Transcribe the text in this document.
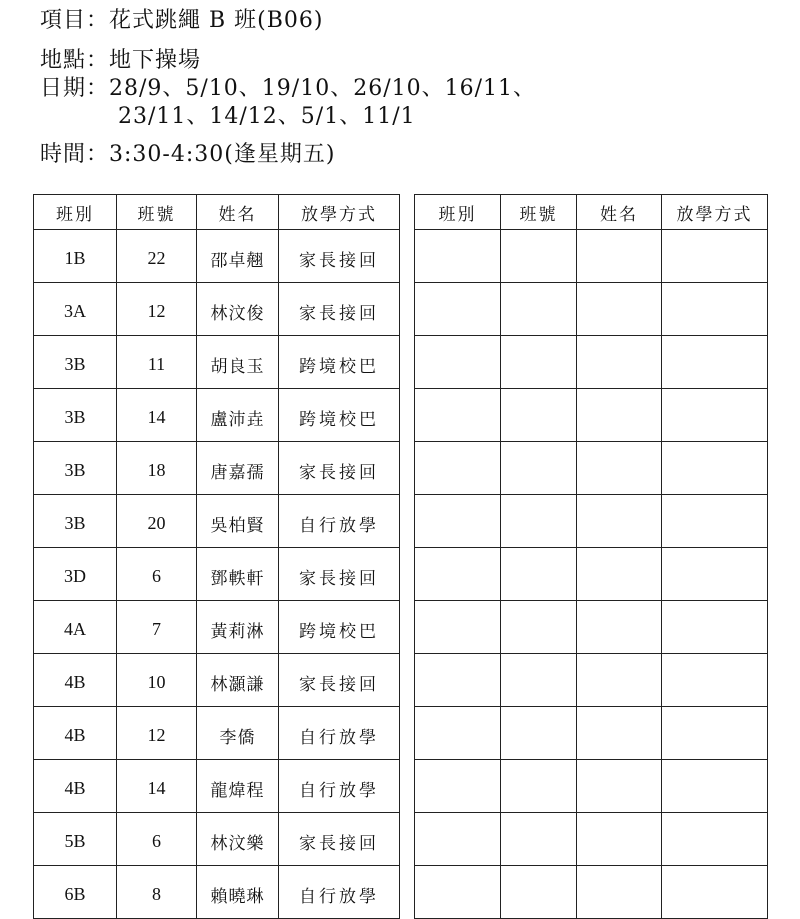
項目：花式跳繩 B 班(B06)
地點：地下操場
日期：28/9、5/10、19/10、26/10、16/11、
23/11、14/12、5/1、11/1
時間：3:30-4:30(逢星期五)
班別	班號	姓名	放學方式
1B	22	邵卓翹	家長接回
3A	12	林汶俊	家長接回
3B	11	胡良玉	跨境校巴
3B	14	盧沛垚	跨境校巴
3B	18	唐嘉孺	家長接回
3B	20	吳柏賢	自行放學
3D	6	鄧軼軒	家長接回
4A	7	黃莉淋	跨境校巴
4B	10	林灝謙	家長接回
4B	12	李僑	自行放學
4B	14	龍煒程	自行放學
5B	6	林汶樂	家長接回
6B	8	賴曉琳	自行放學
班別	班號	姓名	放學方式
